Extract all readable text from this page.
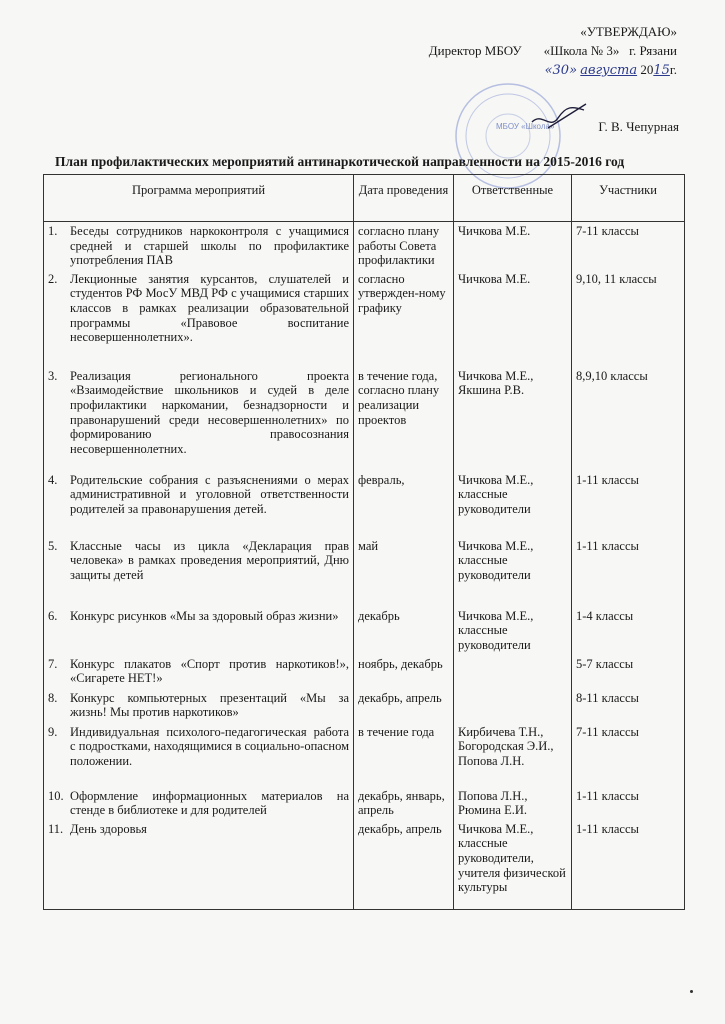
«УТВЕРЖДАЮ»
Директор МБОУ «Школа № 3» г. Рязани
«30» августа 2015г.
МБОУ «Школа»	Г. В. Чепурная
План профилактических мероприятий антинаркотической направленности на 2015-2016 год
Программа мероприятий	Дата проведения	Ответственные	Участники

1. Беседы сотрудников наркоконтроля с учащимися средней и старшей школы по профилактике употребления ПАВ	согласно плану работы Совета профилактики	Чичкова М.Е.	7-11 классы

2. Лекционные занятия курсантов, слушателей и студентов РФ МосУ МВД РФ с учащимися старших классов в рамках реализации образовательной программы «Правовое воспитание несовершеннолетних».	согласно утвержден-ному графику	Чичкова М.Е.	9,10, 11 классы

3. Реализация регионального проекта «Взаимодействие школьников и судей в деле профилактики наркомании, безнадзорности и правонарушений среди несовершеннолетних» по формированию правосознания несовершеннолетних.	в течение года, согласно плану реализации проектов	Чичкова М.Е., Якшина Р.В.	8,9,10 классы

4. Родительские собрания с разъяснениями о мерах административной и уголовной ответственности родителей за правонарушения детей.	февраль,	Чичкова М.Е., классные руководители	1-11 классы

5. Классные часы из цикла «Декларация прав человека» в рамках проведения мероприятий, Дню защиты детей	май	Чичкова М.Е., классные руководители	1-11 классы

6. Конкурс рисунков «Мы за здоровый образ жизни»	декабрь	Чичкова М.Е., классные руководители	1-4 классы

7. Конкурс плакатов «Спорт против наркотиков!», «Сигарете НЕТ!»	ноябрь, декабрь		5-7 классы

8. Конкурс компьютерных презентаций «Мы за жизнь! Мы против наркотиков»	декабрь, апрель		8-11 классы

9. Индивидуальная психолого-педагогическая работа с подростками, находящимися в социально-опасном положении.	в течение года	Кирбичева Т.Н., Богородская Э.И., Попова Л.Н.	7-11 классы

10. Оформление информационных материалов на стенде в библиотеке и для родителей	декабрь, январь, апрель	Попова Л.Н., Рюмина Е.И.	1-11 классы

11. День здоровья	декабрь, апрель	Чичкова М.Е., классные руководители, учителя физической культуры	1-11 классы
